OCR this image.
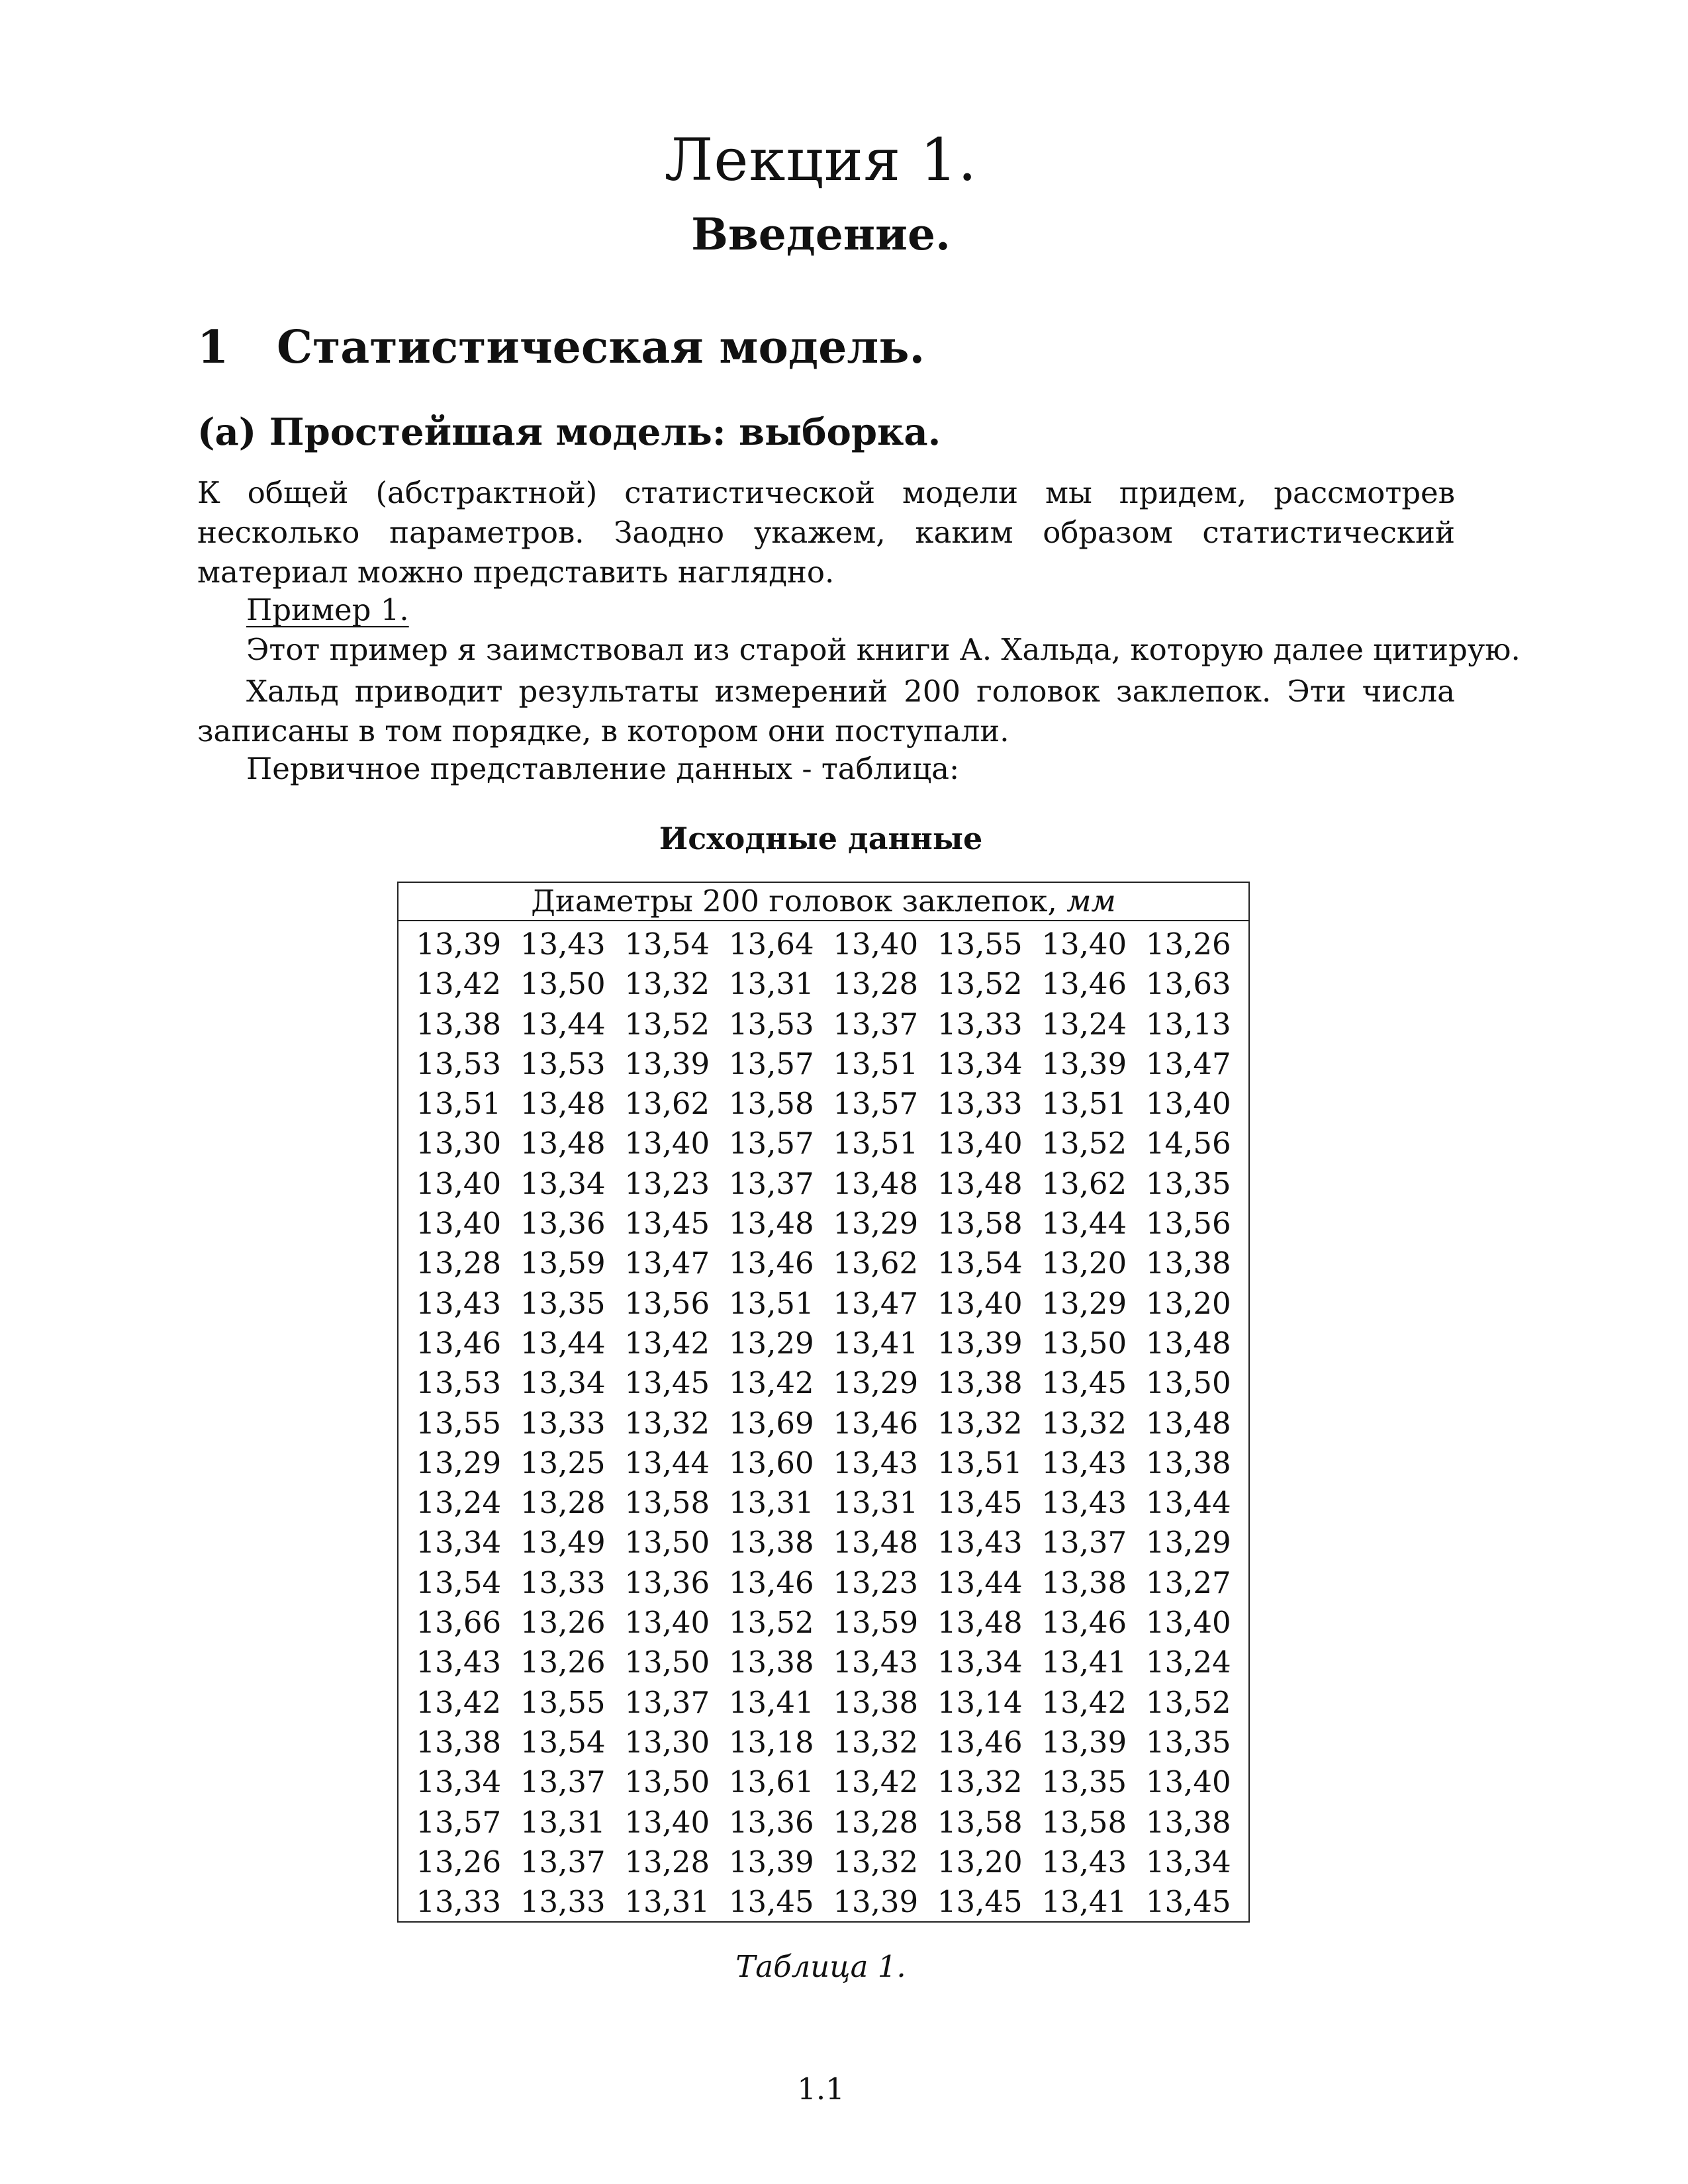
Лекция 1.
Введение.
1 Статистическая модель.
(a) Простейшая модель: выборка.
К общей (абстрактной) статистической модели мы придем, рассмотрев несколько параметров. Заодно укажем, каким образом статистический материал можно представить наглядно.
Пример 1.
Этот пример я заимствовал из старой книги А. Хальда, которую далее цитирую.
Хальд приводит результаты измерений 200 головок заклепок. Эти числа записаны в том порядке, в котором они поступали.
Первичное представление данных - таблица:
Исходные данные
Диаметры 200 головок заклепок, мм
13,39 13,43 13,54 13,64 13,40 13,55 13,40 13,26
13,42 13,50 13,32 13,31 13,28 13,52 13,46 13,63
13,38 13,44 13,52 13,53 13,37 13,33 13,24 13,13
13,53 13,53 13,39 13,57 13,51 13,34 13,39 13,47
13,51 13,48 13,62 13,58 13,57 13,33 13,51 13,40
13,30 13,48 13,40 13,57 13,51 13,40 13,52 14,56
13,40 13,34 13,23 13,37 13,48 13,48 13,62 13,35
13,40 13,36 13,45 13,48 13,29 13,58 13,44 13,56
13,28 13,59 13,47 13,46 13,62 13,54 13,20 13,38
13,43 13,35 13,56 13,51 13,47 13,40 13,29 13,20
13,46 13,44 13,42 13,29 13,41 13,39 13,50 13,48
13,53 13,34 13,45 13,42 13,29 13,38 13,45 13,50
13,55 13,33 13,32 13,69 13,46 13,32 13,32 13,48
13,29 13,25 13,44 13,60 13,43 13,51 13,43 13,38
13,24 13,28 13,58 13,31 13,31 13,45 13,43 13,44
13,34 13,49 13,50 13,38 13,48 13,43 13,37 13,29
13,54 13,33 13,36 13,46 13,23 13,44 13,38 13,27
13,66 13,26 13,40 13,52 13,59 13,48 13,46 13,40
13,43 13,26 13,50 13,38 13,43 13,34 13,41 13,24
13,42 13,55 13,37 13,41 13,38 13,14 13,42 13,52
13,38 13,54 13,30 13,18 13,32 13,46 13,39 13,35
13,34 13,37 13,50 13,61 13,42 13,32 13,35 13,40
13,57 13,31 13,40 13,36 13,28 13,58 13,58 13,38
13,26 13,37 13,28 13,39 13,32 13,20 13,43 13,34
13,33 13,33 13,31 13,45 13,39 13,45 13,41 13,45
Таблица 1.
1.1
